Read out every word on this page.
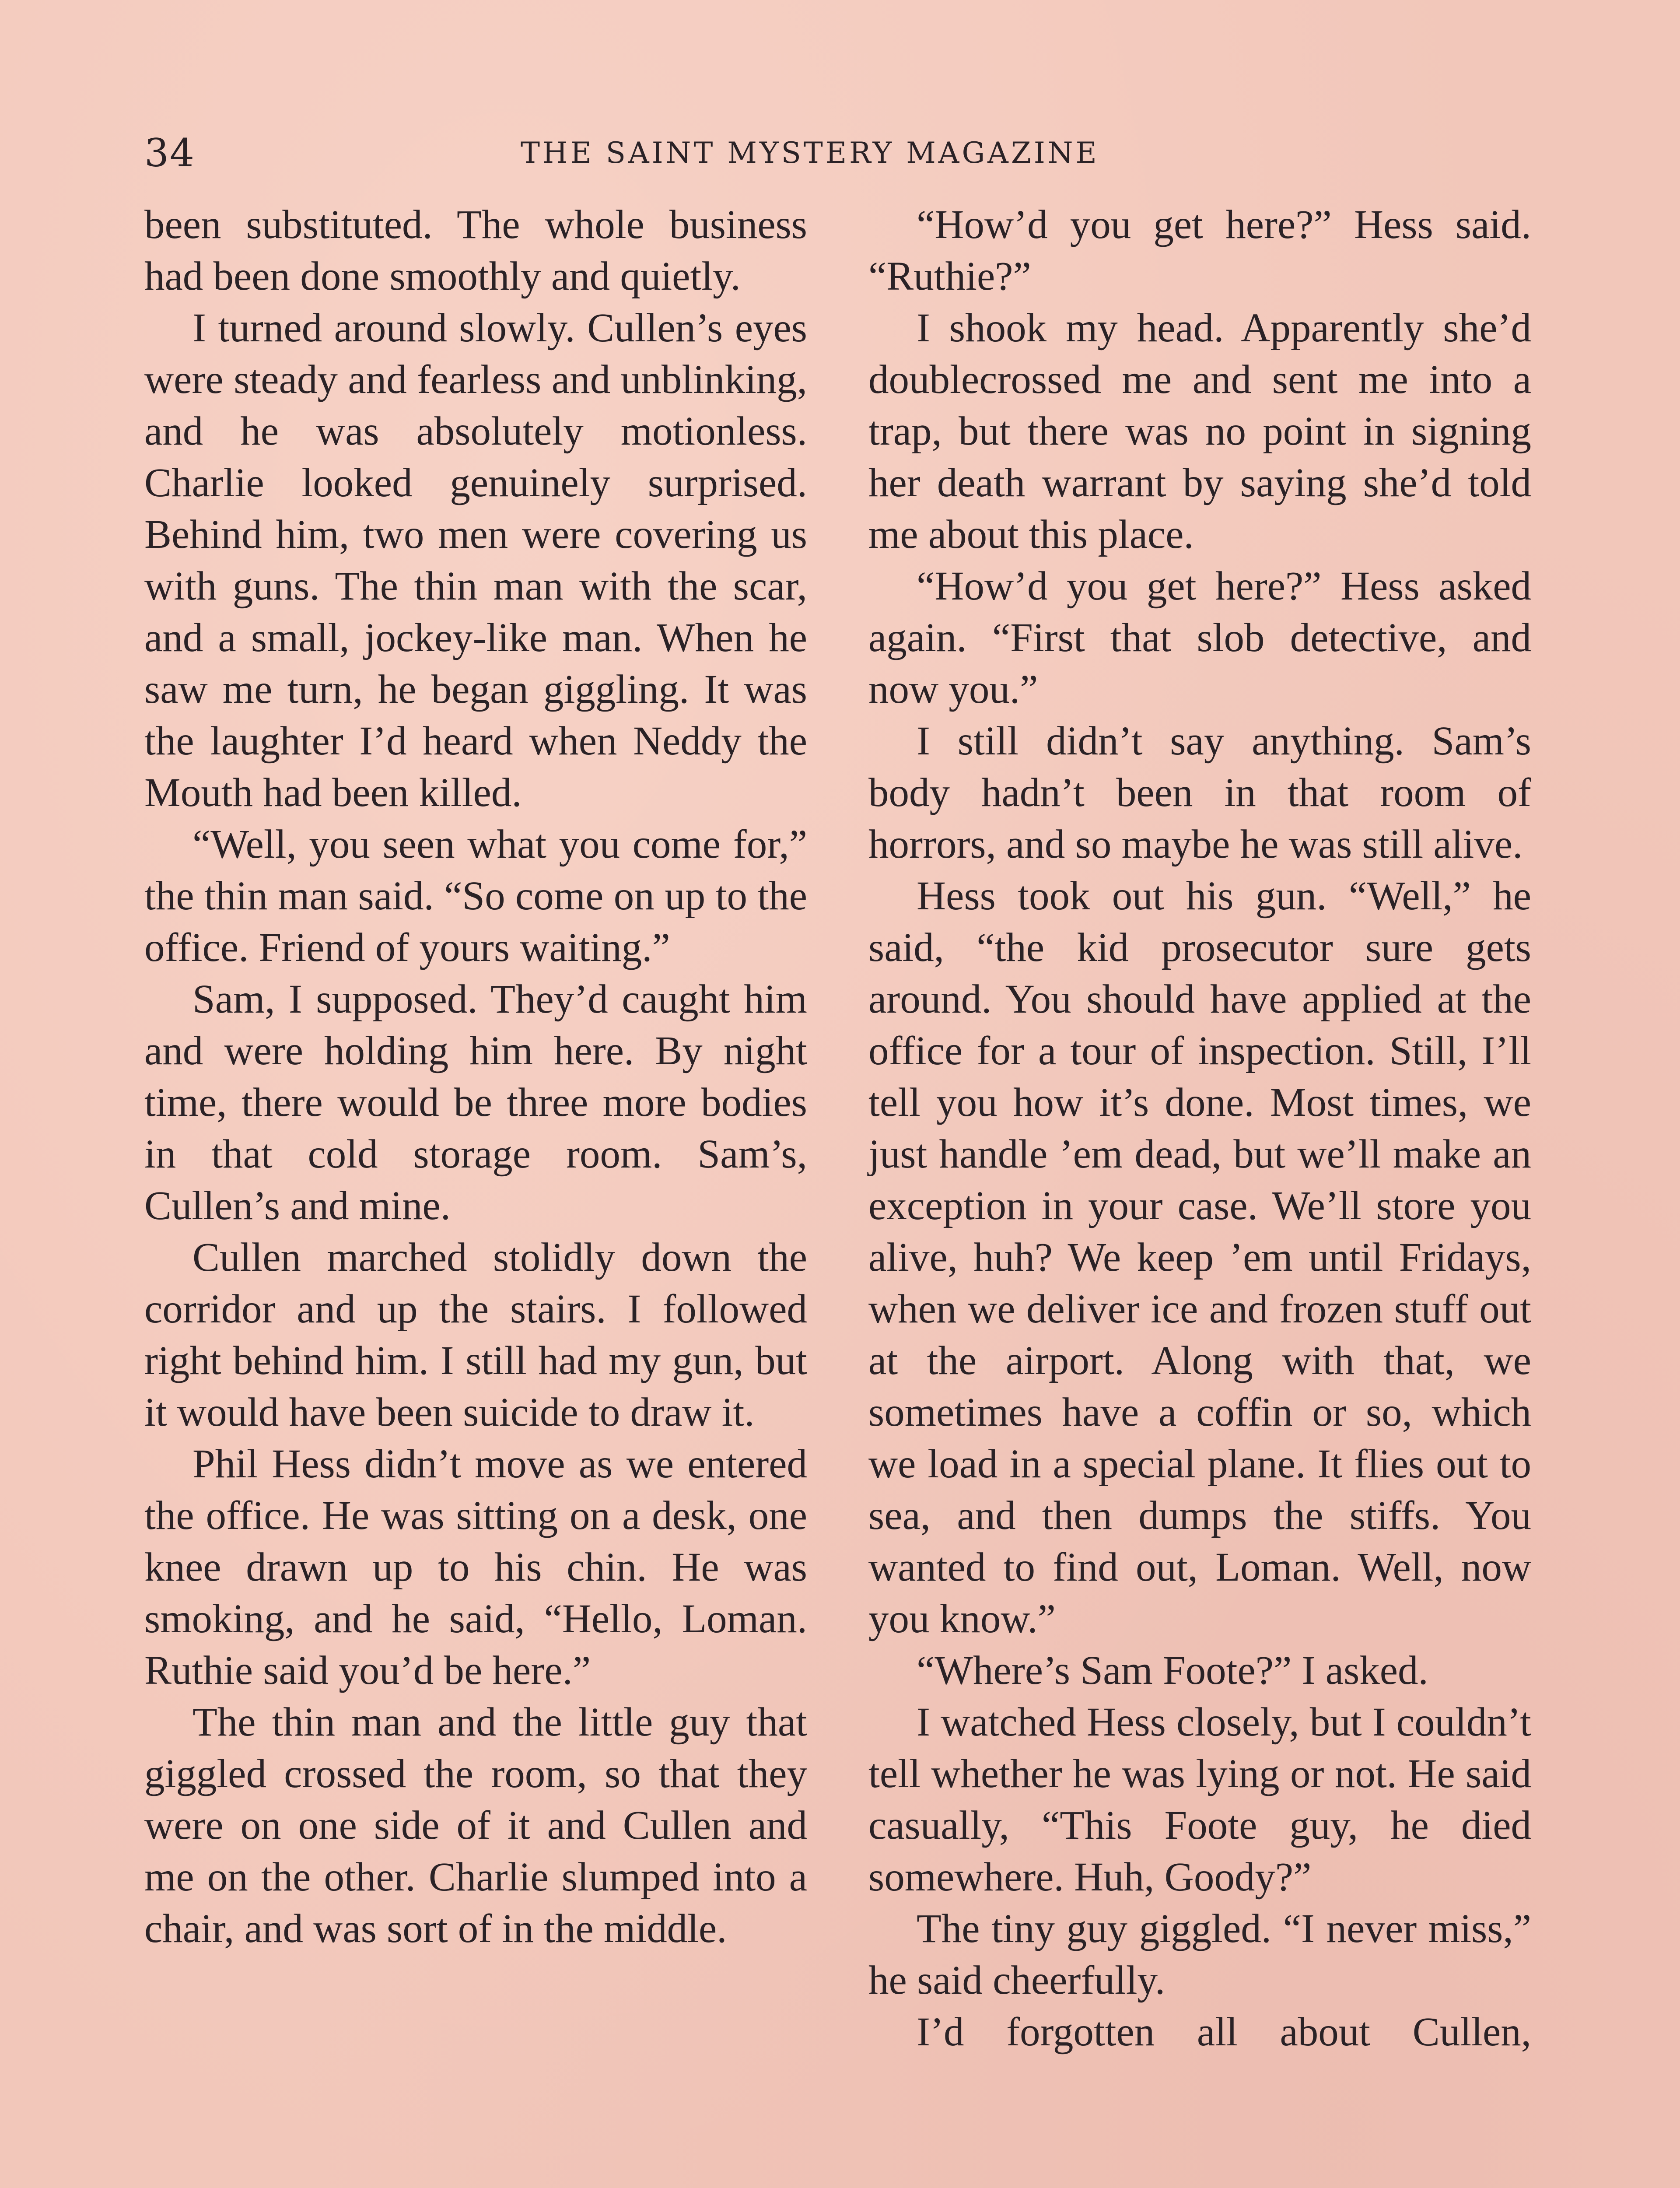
34	THE SAINT MYSTERY MAGAZINE

been substituted. The whole business had been done smoothly and quietly.

I turned around slowly. Cullen’s eyes were steady and fearless and unblinking, and he was absolutely motionless. Charlie looked genuinely surprised. Behind him, two men were covering us with guns. The thin man with the scar, and a small, jockey-like man. When he saw me turn, he began giggling. It was the laughter I’d heard when Neddy the Mouth had been killed.

“Well, you seen what you come for,” the thin man said. “So come on up to the office. Friend of yours waiting.”

Sam, I supposed. They’d caught him and were holding him here. By night time, there would be three more bodies in that cold storage room. Sam’s, Cullen’s and mine.

Cullen marched stolidly down the corridor and up the stairs. I followed right behind him. I still had my gun, but it would have been suicide to draw it.

Phil Hess didn’t move as we entered the office. He was sitting on a desk, one knee drawn up to his chin. He was smoking, and he said, “Hello, Loman. Ruthie said you’d be here.”

The thin man and the little guy that giggled crossed the room, so that they were on one side of it and Cullen and me on the other. Charlie slumped into a chair, and was sort of in the middle.

“How’d you get here?” Hess said. “Ruthie?”

I shook my head. Apparently she’d doublecrossed me and sent me into a trap, but there was no point in signing her death warrant by saying she’d told me about this place.

“How’d you get here?” Hess asked again. “First that slob detective, and now you.”

I still didn’t say anything. Sam’s body hadn’t been in that room of horrors, and so maybe he was still alive.

Hess took out his gun. “Well,” he said, “the kid prosecutor sure gets around. You should have applied at the office for a tour of inspection. Still, I’ll tell you how it’s done. Most times, we just handle ’em dead, but we’ll make an exception in your case. We’ll store you alive, huh? We keep ’em until Fridays, when we deliver ice and frozen stuff out at the airport. Along with that, we sometimes have a coffin or so, which we load in a special plane. It flies out to sea, and then dumps the stiffs. You wanted to find out, Loman. Well, now you know.”

“Where’s Sam Foote?” I asked.

I watched Hess closely, but I couldn’t tell whether he was lying or not. He said casually, “This Foote guy, he died somewhere. Huh, Goody?”

The tiny guy giggled. “I never miss,” he said cheerfully.

I’d forgotten all about Cullen,
